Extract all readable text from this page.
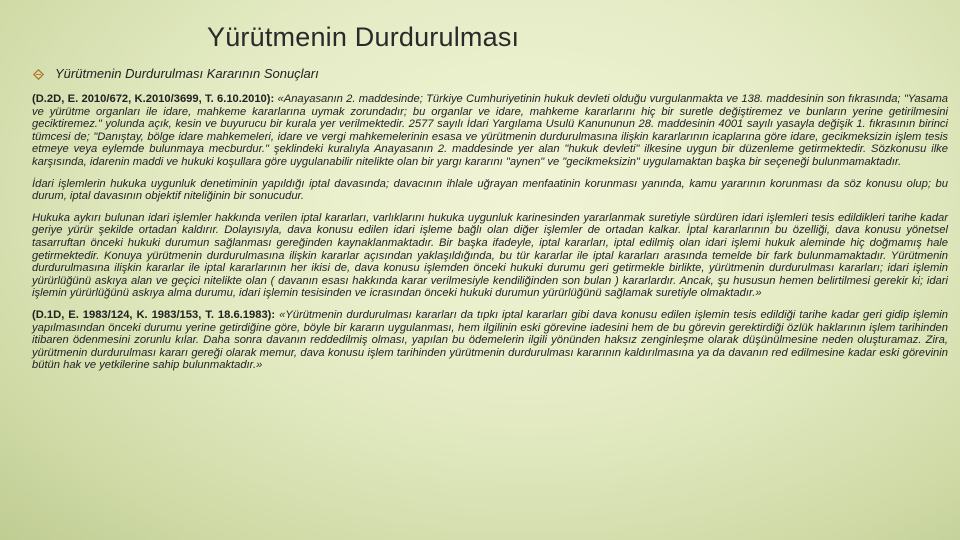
Yürütmenin Durdurulması
Yürütmenin Durdurulması Kararının Sonuçları

(D.2D, E. 2010/672, K.2010/3699, T. 6.10.2010): «Anayasanın 2. maddesinde; Türkiye Cumhuriyetinin hukuk devleti olduğu vurgulanmakta ve 138. maddesinin son fıkrasında; "Yasama ve yürütme organları ile idare, mahkeme kararlarına uymak zorundadır; bu organlar ve idare, mahkeme kararlarını hiç bir suretle değiştiremez ve bunların yerine getirilmesini geciktiremez." yolunda açık, kesin ve buyurucu bir kurala yer verilmektedir. 2577 sayılı İdari Yargılama Usulü Kanununun 28. maddesinin 4001 sayılı yasayla değişik 1. fıkrasının birinci tümcesi de; "Danıştay, bölge idare mahkemeleri, idare ve vergi mahkemelerinin esasa ve yürütmenin durdurulmasına ilişkin kararlarının icaplarına göre idare, gecikmeksizin işlem tesis etmeye veya eylemde bulunmaya mecburdur." şeklindeki kuralıyla Anayasanın 2. maddesinde yer alan "hukuk devleti" ilkesine uygun bir düzenleme getirmektedir. Sözkonusu ilke karşısında, idarenin maddi ve hukuki koşullara göre uygulanabilir nitelikte olan bir yargı kararını "aynen" ve "gecikmeksizin" uygulamaktan başka bir seçeneği bulunmamaktadır.

İdari işlemlerin hukuka uygunluk denetiminin yapıldığı iptal davasında; davacının ihlale uğrayan menfaatinin korunması yanında, kamu yararının korunması da söz konusu olup; bu durum, iptal davasının objektif niteliğinin bir sonucudur.

Hukuka aykırı bulunan idari işlemler hakkında verilen iptal kararları, varlıklarını hukuka uygunluk karinesinden yararlanmak suretiyle sürdüren idari işlemleri tesis edildikleri tarihe kadar geriye yürür şekilde ortadan kaldırır. Dolayısıyla, dava konusu edilen idari işleme bağlı olan diğer işlemler de ortadan kalkar. İptal kararlarının bu özelliği, dava konusu yönetsel tasarruftan önceki hukuki durumun sağlanması gereğinden kaynaklanmaktadır. Bir başka ifadeyle, iptal kararları, iptal edilmiş olan idari işlemi hukuk aleminde hiç doğmamış hale getirmektedir. Konuya yürütmenin durdurulmasına ilişkin kararlar açısından yaklaşıldığında, bu tür kararlar ile iptal kararları arasında temelde bir fark bulunmamaktadır. Yürütmenin durdurulmasına ilişkin kararlar ile iptal kararlarının her ikisi de, dava konusu işlemden önceki hukuki durumu geri getirmekle birlikte, yürütmenin durdurulması kararları; idari işlemin yürürlüğünü askıya alan ve geçici nitelikte olan ( davanın esası hakkında karar verilmesiyle kendiliğinden son bulan ) kararlardır. Ancak, şu hususun hemen belirtilmesi gerekir ki; idari işlemin yürürlüğünü askıya alma durumu, idari işlemin tesisinden ve icrasından önceki hukuki durumun yürürlüğünü sağlamak suretiyle olmaktadır.»

(D.1D, E. 1983/124, K. 1983/153, T. 18.6.1983): «Yürütmenin durdurulması kararları da tıpkı iptal kararları gibi dava konusu edilen işlemin tesis edildiği tarihe kadar geri gidip işlemin yapılmasından önceki durumu yerine getirdiğine göre, böyle bir kararın uygulanması, hem ilgilinin eski görevine iadesini hem de bu görevin gerektirdiği özlük haklarının işlem tarihinden itibaren ödenmesini zorunlu kılar. Daha sonra davanın reddedilmiş olması, yapılan bu ödemelerin ilgili yönünden haksız zenginleşme olarak düşünülmesine neden oluşturamaz. Zira, yürütmenin durdurulması kararı gereği olarak memur, dava konusu işlem tarihinden yürütmenin durdurulması kararının kaldırılmasına ya da davanın red edilmesine kadar eski görevinin bütün hak ve yetkilerine sahip bulunmaktadır.»
